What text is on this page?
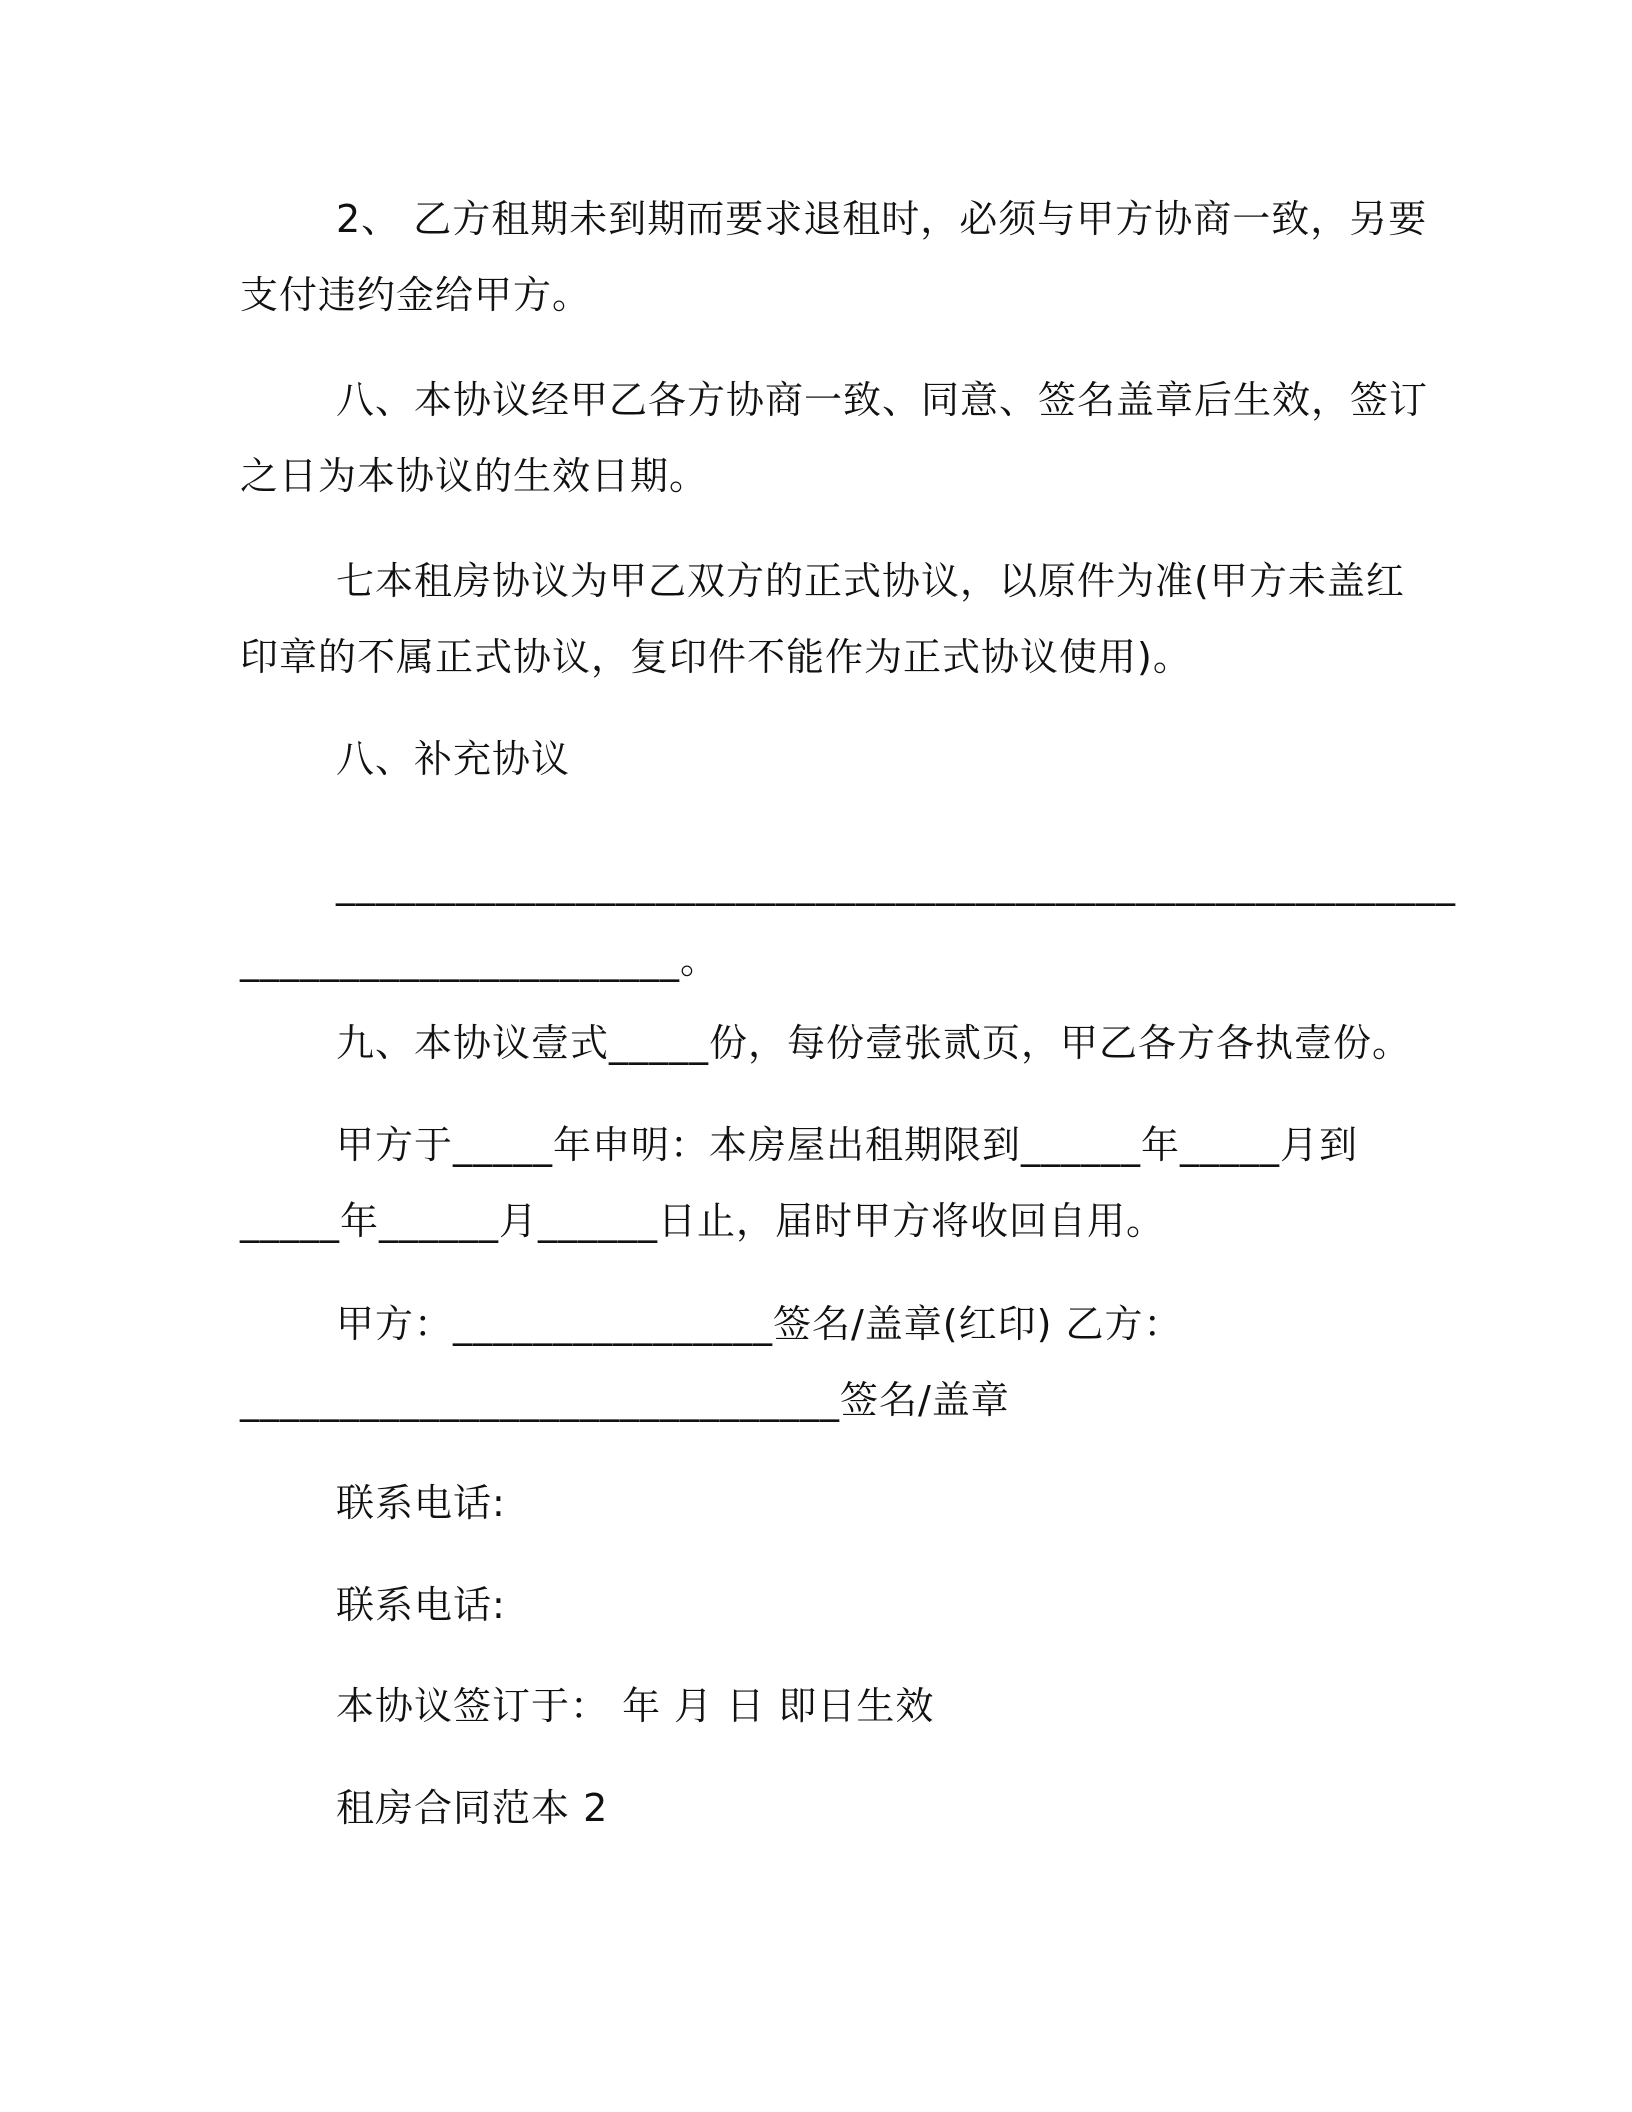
2、 乙方租期未到期而要求退租时，必须与甲方协商一致，另要
支付违约金给甲方。
八、本协议经甲乙各方协商一致、同意、签名盖章后生效，签订
之日为本协议的生效日期。
七本租房协议为甲乙双方的正式协议，以原件为准(甲方未盖红
印章的不属正式协议，复印件不能作为正式协议使用)。
八、补充协议
________________________________________________________
______________________。
九、本协议壹式_____份，每份壹张贰页，甲乙各方各执壹份。
甲方于_____年申明：本房屋出租期限到______年_____月到
_____年______月______日止，届时甲方将收回自用。
甲方：________________签名/盖章(红印) 乙方：
______________________________签名/盖章
联系电话:
联系电话:
本协议签订于： 年 月 日 即日生效
租房合同范本 2
